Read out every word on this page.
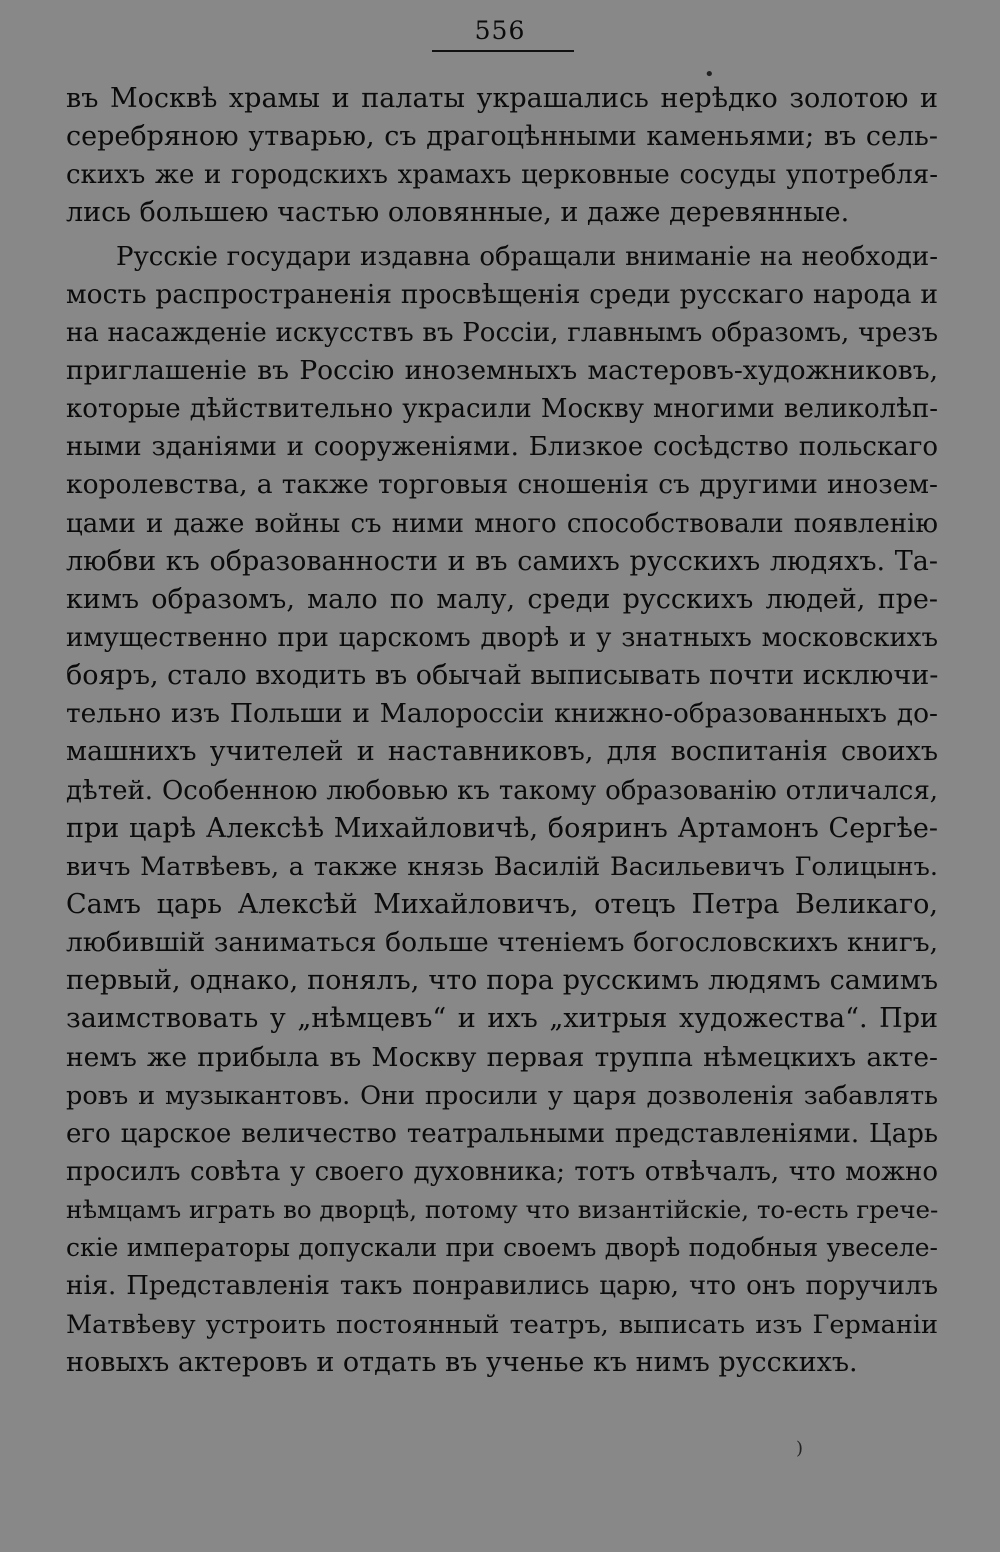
556
въ Москвѣ храмы и палаты украшались нерѣдко золотою и
серебряною утварью, съ драгоцѣнными каменьями; въ сель-
скихъ же и городскихъ храмахъ церковные сосуды употребля-
лись большею частью оловянные, и даже деревянные.
Русскіе государи издавна обращали вниманіе на необходи-
мость распространенія просвѣщенія среди русскаго народа и
на насажденіе искусствъ въ Россіи, главнымъ образомъ, чрезъ
приглашеніе въ Россію иноземныхъ мастеровъ-художниковъ,
которые дѣйствительно украсили Москву многими великолѣп-
ными зданіями и сооруженіями. Близкое сосѣдство польскаго
королевства, а также торговыя сношенія съ другими инозем-
цами и даже войны съ ними много способствовали появленію
любви къ образованности и въ самихъ русскихъ людяхъ. Та-
кимъ образомъ, мало по малу, среди русскихъ людей, пре-
имущественно при царскомъ дворѣ и у знатныхъ московскихъ
бояръ, стало входить въ обычай выписывать почти исключи-
тельно изъ Польши и Малороссіи книжно-образованныхъ до-
машнихъ учителей и наставниковъ, для воспитанія своихъ
дѣтей. Особенною любовью къ такому образованію отличался,
при царѣ Алексѣѣ Михайловичѣ, бояринъ Артамонъ Сергѣе-
вичъ Матвѣевъ, а также князь Василій Васильевичъ Голицынъ.
Самъ царь Алексѣй Михайловичъ, отецъ Петра Великаго,
любившій заниматься больше чтеніемъ богословскихъ книгъ,
первый, однако, понялъ, что пора русскимъ людямъ самимъ
заимствовать у „нѣмцевъ“ и ихъ „хитрыя художества“. При
немъ же прибыла въ Москву первая труппа нѣмецкихъ акте-
ровъ и музыкантовъ. Они просили у царя дозволенія забавлять
его царское величество театральными представленіями. Царь
просилъ совѣта у своего духовника; тотъ отвѣчалъ, что можно
нѣмцамъ играть во дворцѣ, потому что византійскіе, то-есть грече-
скіе императоры допускали при своемъ дворѣ подобныя увеселе-
нія. Представленія такъ понравились царю, что онъ поручилъ
Матвѣеву устроить постоянный театръ, выписать изъ Германіи
новыхъ актеровъ и отдать въ ученье къ нимъ русскихъ.
•
)
